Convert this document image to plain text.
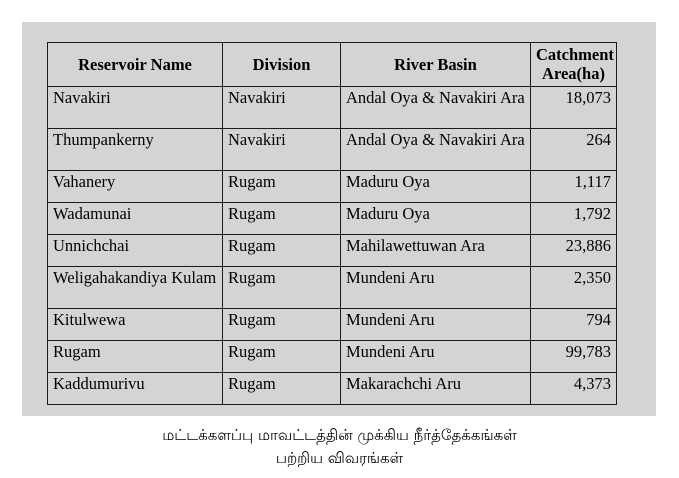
Reservoir Name	Division	River Basin	Catchment Area(ha)
Navakiri	Navakiri	Andal Oya & Navakiri Ara	18,073
Thumpankerny	Navakiri	Andal Oya & Navakiri Ara	264
Vahanery	Rugam	Maduru Oya	1,117
Wadamunai	Rugam	Maduru Oya	1,792
Unnichchai	Rugam	Mahilawettuwan Ara	23,886
Weligahakandiya Kulam	Rugam	Mundeni Aru	2,350
Kitulwewa	Rugam	Mundeni Aru	794
Rugam	Rugam	Mundeni Aru	99,783
Kaddumurivu	Rugam	Makarachchi Aru	4,373
மட்டக்களப்பு மாவட்டத்தின் முக்கிய நீர்த்தேக்கங்கள்
பற்றிய விவரங்கள்
